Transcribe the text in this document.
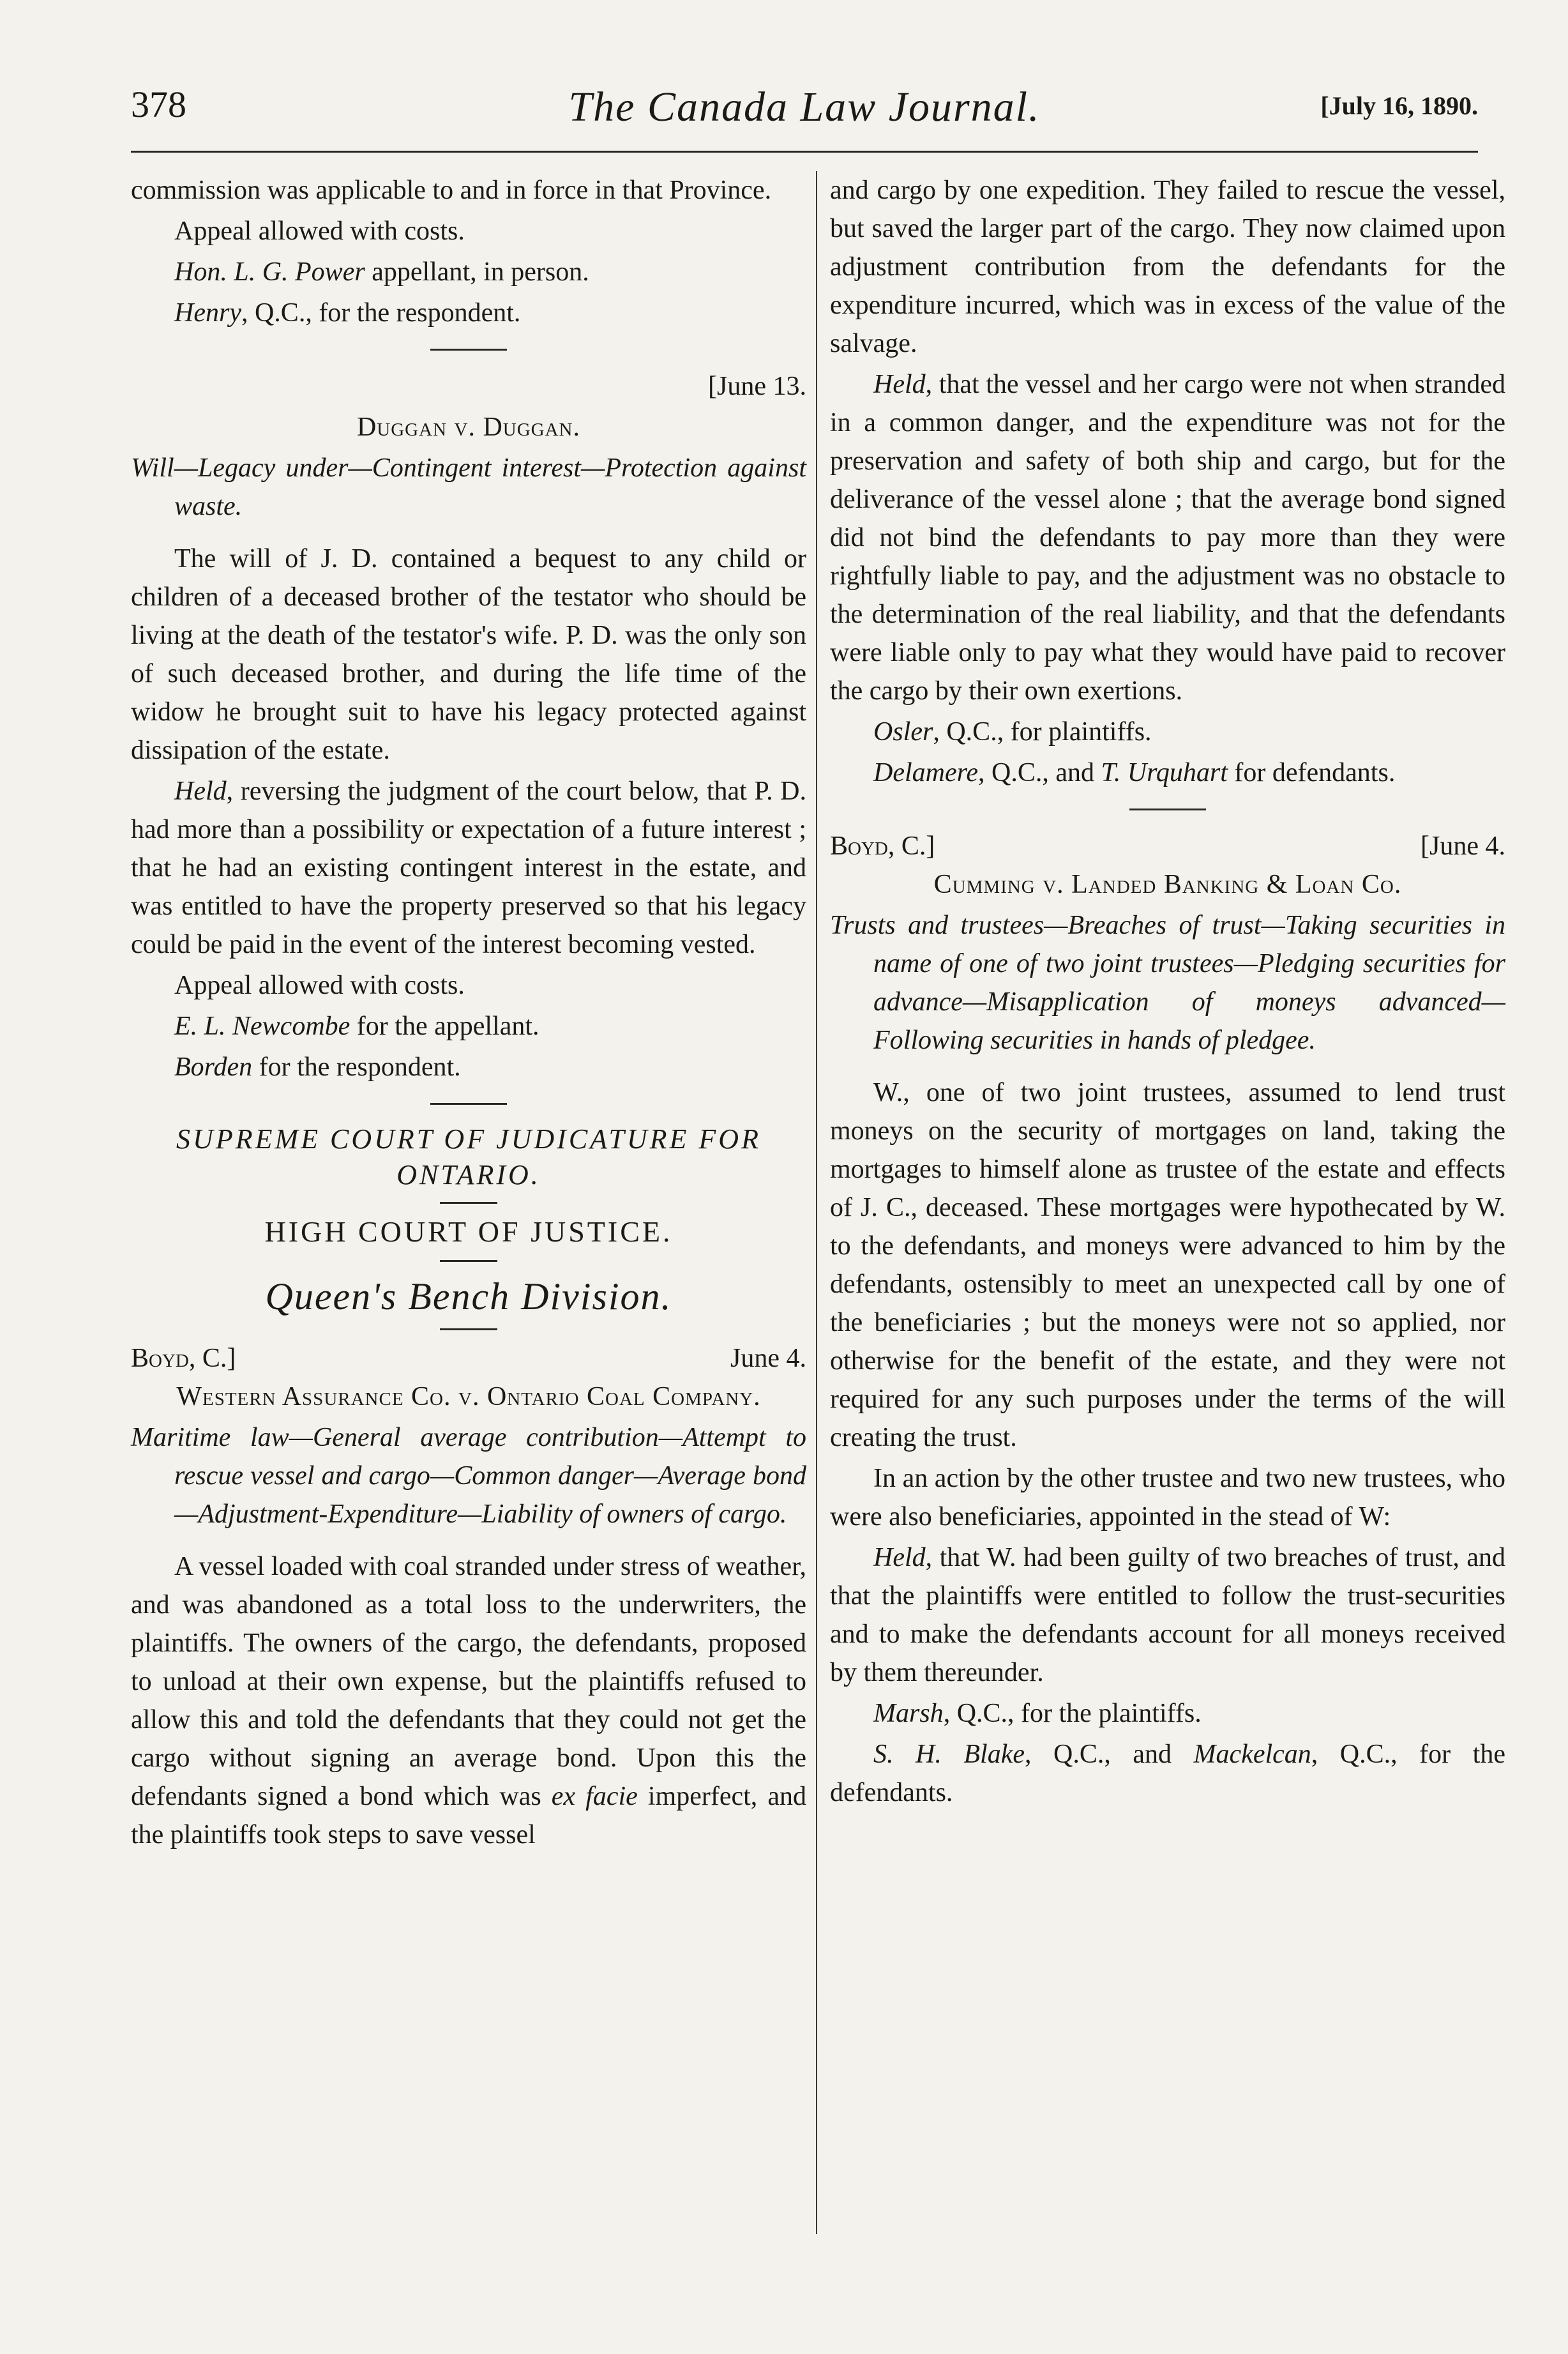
378	The Canada Law Journal.	[July 16, 1890.

commission was applicable to and in force in that Province.

Appeal allowed with costs.

Hon. L. G. Power appellant, in person.

Henry, Q.C., for the respondent.

[June 13.

Duggan v. Duggan.

Will—Legacy under—Contingent interest—Protection against waste.

The will of J. D. contained a bequest to any child or children of a deceased brother of the testator who should be living at the death of the testator's wife. P. D. was the only son of such deceased brother, and during the life time of the widow he brought suit to have his legacy protected against dissipation of the estate.

Held, reversing the judgment of the court below, that P. D. had more than a possibility or expectation of a future interest ; that he had an existing contingent interest in the estate, and was entitled to have the property preserved so that his legacy could be paid in the event of the interest becoming vested.

Appeal allowed with costs.

E. L. Newcombe for the appellant.

Borden for the respondent.

SUPREME COURT OF JUDICATURE FOR ONTARIO.

HIGH COURT OF JUSTICE.

Queen's Bench Division.

Boyd, C.]	June 4.

Western Assurance Co. v. Ontario Coal Company.

Maritime law—General average contribution—Attempt to rescue vessel and cargo—Common danger—Average bond—Adjustment-Expenditure—Liability of owners of cargo.

A vessel loaded with coal stranded under stress of weather, and was abandoned as a total loss to the underwriters, the plaintiffs. The owners of the cargo, the defendants, proposed to unload at their own expense, but the plaintiffs refused to allow this and told the defendants that they could not get the cargo without signing an average bond. Upon this the defendants signed a bond which was ex facie imperfect, and the plaintiffs took steps to save vessel

and cargo by one expedition. They failed to rescue the vessel, but saved the larger part of the cargo. They now claimed upon adjustment contribution from the defendants for the expenditure incurred, which was in excess of the value of the salvage.

Held, that the vessel and her cargo were not when stranded in a common danger, and the expenditure was not for the preservation and safety of both ship and cargo, but for the deliverance of the vessel alone ; that the average bond signed did not bind the defendants to pay more than they were rightfully liable to pay, and the adjustment was no obstacle to the determination of the real liability, and that the defendants were liable only to pay what they would have paid to recover the cargo by their own exertions.

Osler, Q.C., for plaintiffs.

Delamere, Q.C., and T. Urquhart for defendants.

Boyd, C.]	[June 4.

Cumming v. Landed Banking & Loan Co.

Trusts and trustees—Breaches of trust—Taking securities in name of one of two joint trustees—Pledging securities for advance—Misapplication of moneys advanced—Following securities in hands of pledgee.

W., one of two joint trustees, assumed to lend trust moneys on the security of mortgages on land, taking the mortgages to himself alone as trustee of the estate and effects of J. C., deceased. These mortgages were hypothecated by W. to the defendants, and moneys were advanced to him by the defendants, ostensibly to meet an unexpected call by one of the beneficiaries ; but the moneys were not so applied, nor otherwise for the benefit of the estate, and they were not required for any such purposes under the terms of the will creating the trust.

In an action by the other trustee and two new trustees, who were also beneficiaries, appointed in the stead of W:

Held, that W. had been guilty of two breaches of trust, and that the plaintiffs were entitled to follow the trust-securities and to make the defendants account for all moneys received by them thereunder.

Marsh, Q.C., for the plaintiffs.

S. H. Blake, Q.C., and Mackelcan, Q.C., for the defendants.
